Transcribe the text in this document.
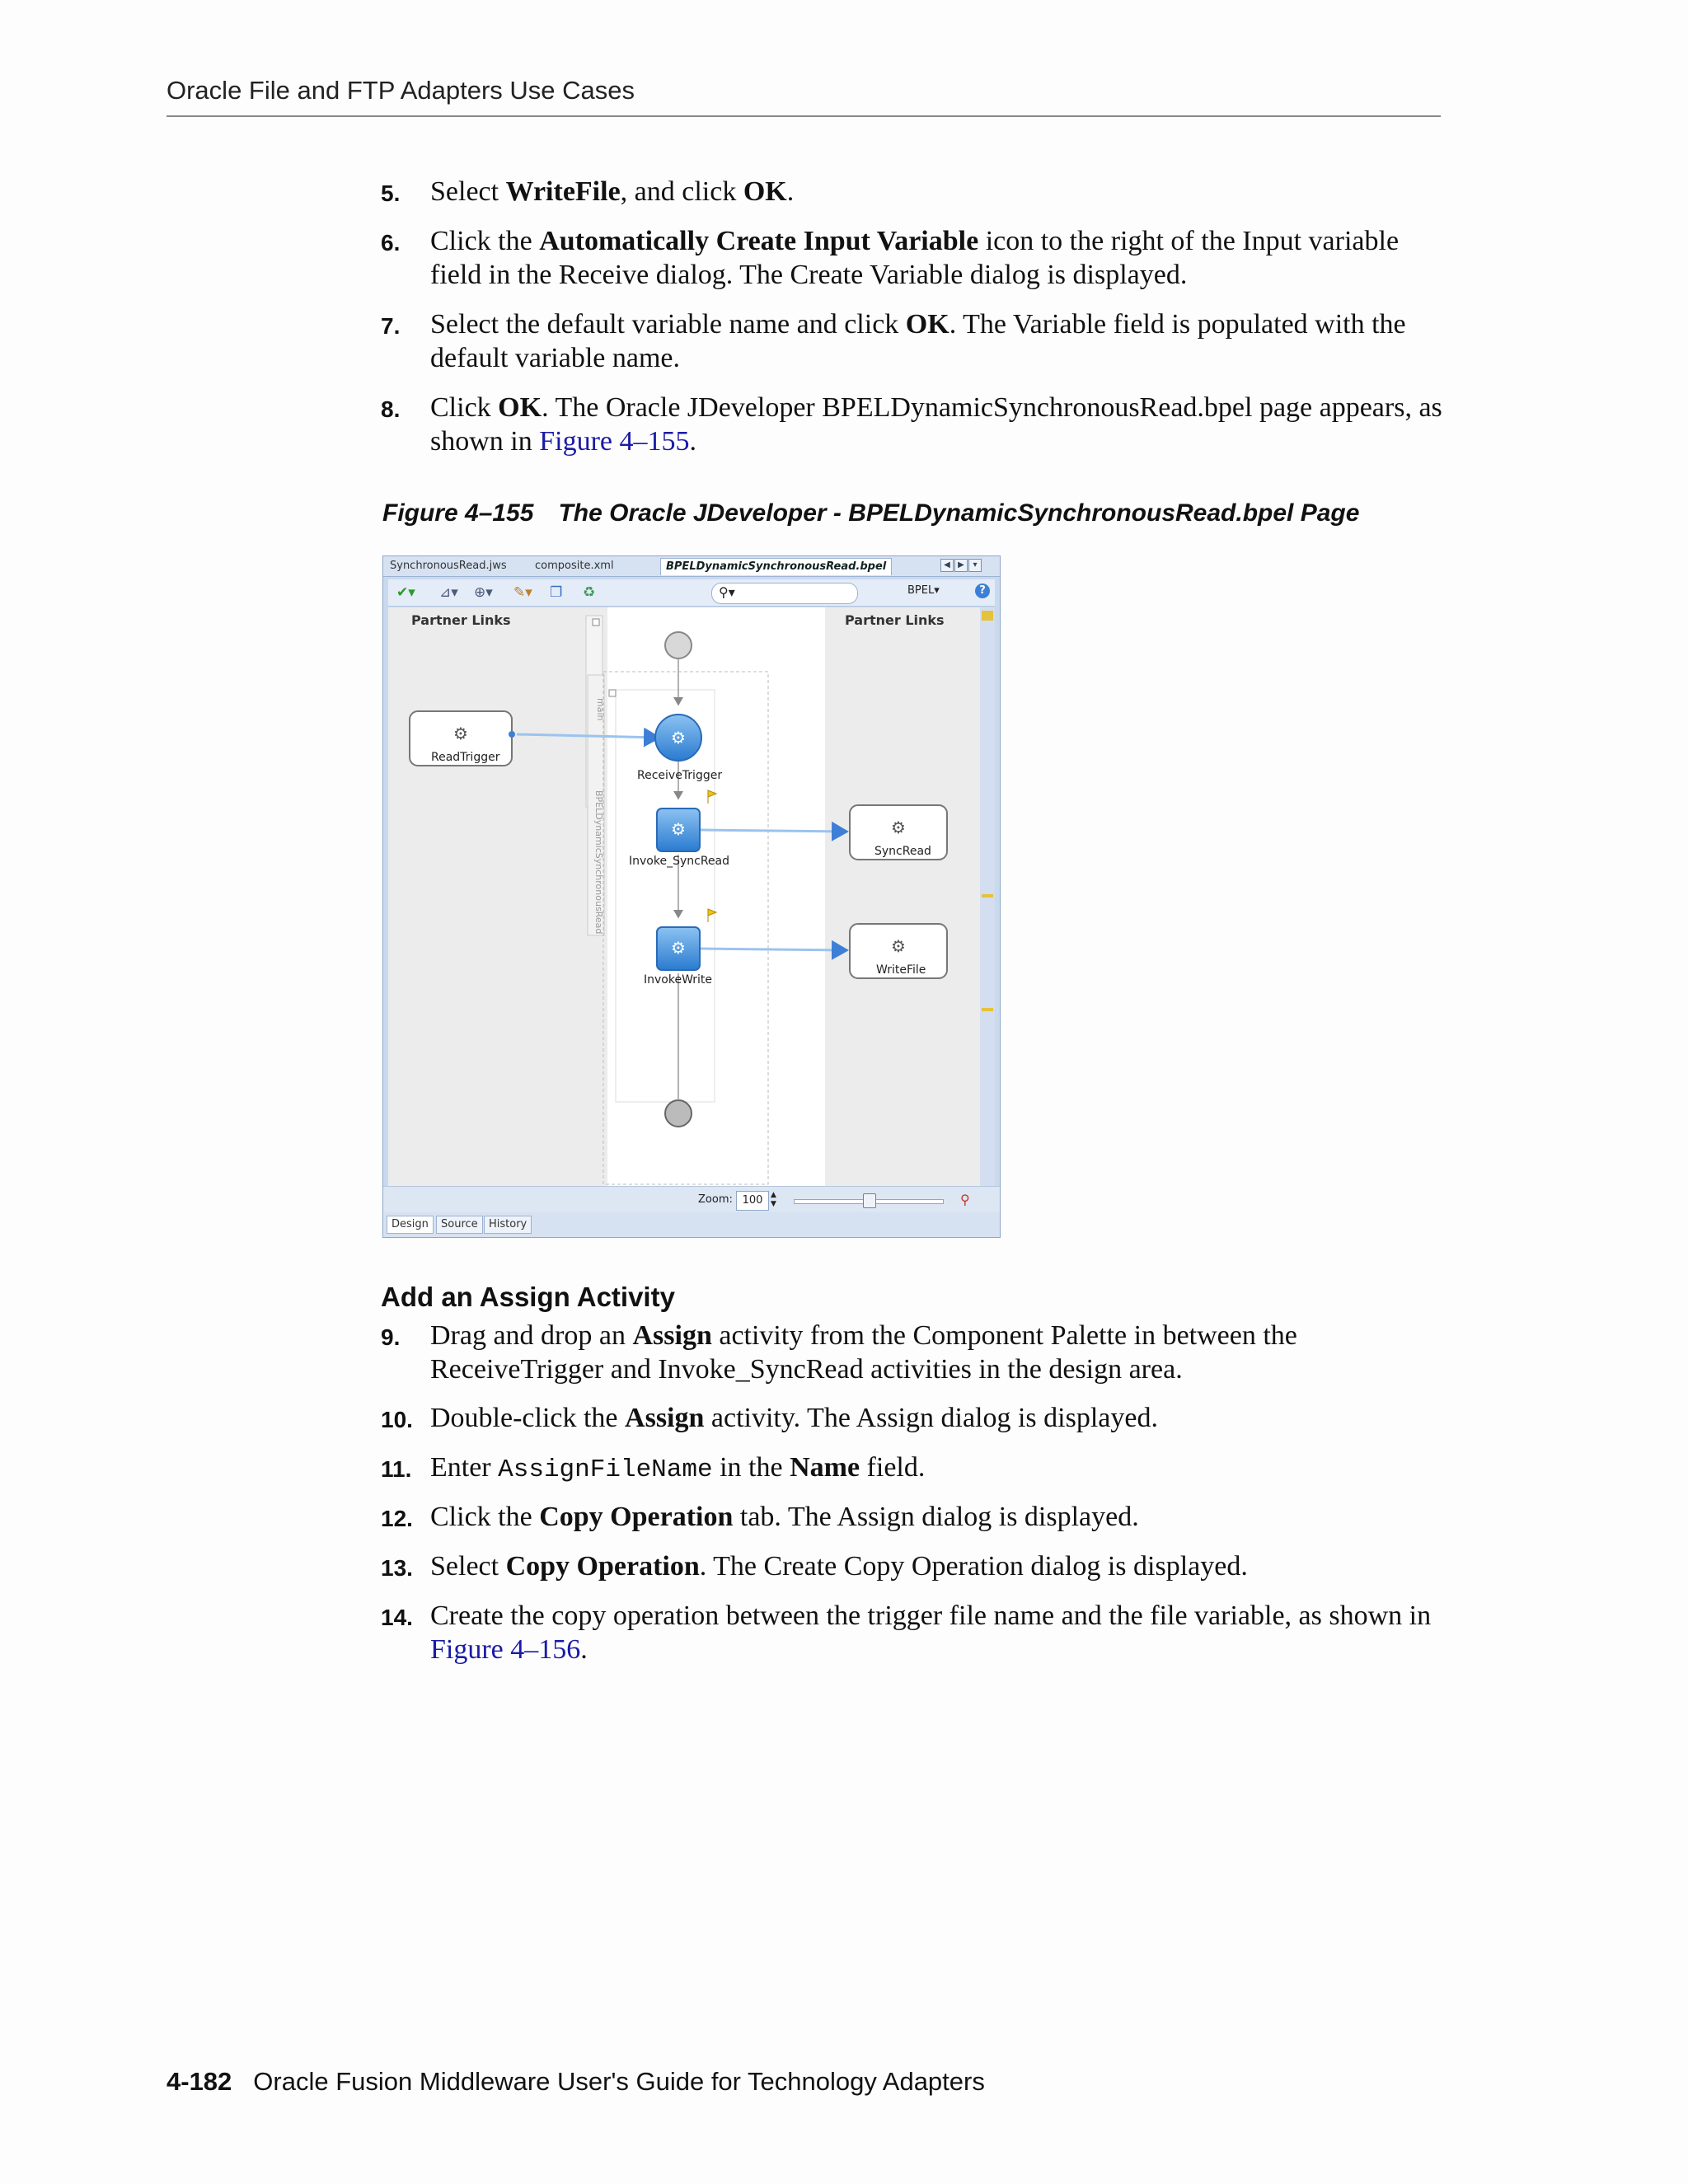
Oracle File and FTP Adapters Use Cases
5. Select WriteFile, and click OK.
6. Click the Automatically Create Input Variable icon to the right of the Input variable field in the Receive dialog. The Create Variable dialog is displayed.
7. Select the default variable name and click OK. The Variable field is populated with the default variable name.
8. Click OK. The Oracle JDeveloper BPELDynamicSynchronousRead.bpel page appears, as shown in Figure 4–155.
Figure 4–155 The Oracle JDeveloper - BPELDynamicSynchronousRead.bpel Page
SynchronousRead.jws	composite.xml	BPELDynamicSynchronousRead.bpel	◀ ▶	▾
✔▾ ⊿▾ ⊕▾ ✎▾ ❐ ♻	⚲▾	BPEL▾	?
Partner Links	Partner Links
⚙	⚙
⚙
⚙
⚙
⚙
ReadTrigger
ReceiveTrigger
Invoke_SyncRead
InvokeWrite
SyncRead
WriteFile
main
BPELDynamicSynchronousRead
Zoom: 100	▲
▼	⚲
Design	Source	History
Add an Assign Activity
9. Drag and drop an Assign activity from the Component Palette in between the ReceiveTrigger and Invoke_SyncRead activities in the design area.
10. Double-click the Assign activity. The Assign dialog is displayed.
11. Enter AssignFileName in the Name field.
12. Click the Copy Operation tab. The Assign dialog is displayed.
13. Select Copy Operation. The Create Copy Operation dialog is displayed.
14. Create the copy operation between the trigger file name and the file variable, as shown in Figure 4–156.
4-182 Oracle Fusion Middleware User's Guide for Technology Adapters
